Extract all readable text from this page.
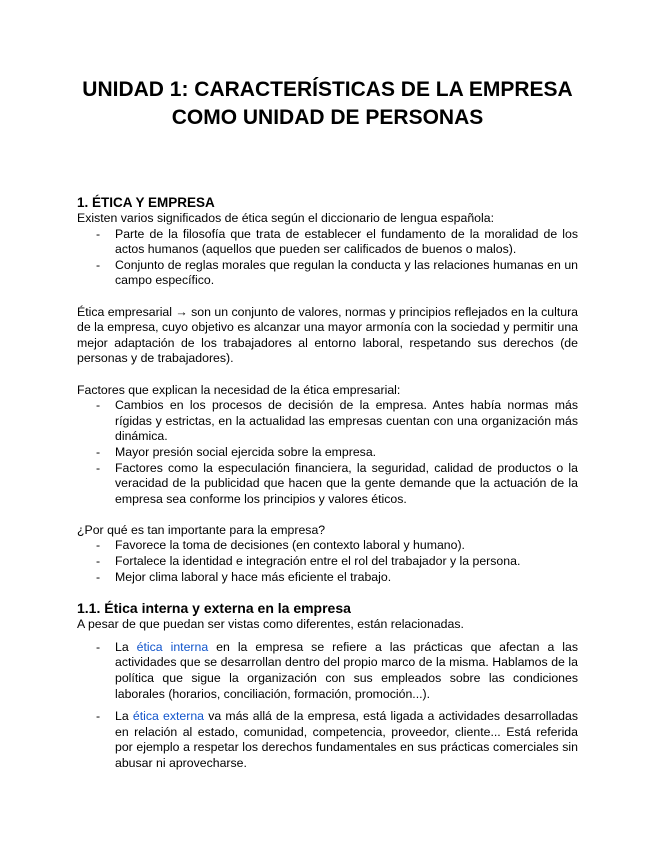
UNIDAD 1: CARACTERÍSTICAS DE LA EMPRESA
COMO UNIDAD DE PERSONAS
1. ÉTICA Y EMPRESA

Existen varios significados de ética según el diccionario de lengua española:

- Parte de la filosofía que trata de establecer el fundamento de la moralidad de los actos humanos (aquellos que pueden ser calificados de buenos o malos).
- Conjunto de reglas morales que regulan la conducta y las relaciones humanas en un campo específico.

Ética empresarial → son un conjunto de valores, normas y principios reflejados en la cultura de la empresa, cuyo objetivo es alcanzar una mayor armonía con la sociedad y permitir una mejor adaptación de los trabajadores al entorno laboral, respetando sus derechos (de personas y de trabajadores).

Factores que explican la necesidad de la ética empresarial:

- Cambios en los procesos de decisión de la empresa. Antes había normas más rígidas y estrictas, en la actualidad las empresas cuentan con una organización más dinámica.
- Mayor presión social ejercida sobre la empresa.
- Factores como la especulación financiera, la seguridad, calidad de productos o la veracidad de la publicidad que hacen que la gente demande que la actuación de la empresa sea conforme los principios y valores éticos.

¿Por qué es tan importante para la empresa?

- Favorece la toma de decisiones (en contexto laboral y humano).
- Fortalece la identidad e integración entre el rol del trabajador y la persona.
- Mejor clima laboral y hace más eficiente el trabajo.
1.1. Ética interna y externa en la empresa

A pesar de que puedan ser vistas como diferentes, están relacionadas.

- La ética interna en la empresa se refiere a las prácticas que afectan a las actividades que se desarrollan dentro del propio marco de la misma. Hablamos de la política que sigue la organización con sus empleados sobre las condiciones laborales (horarios, conciliación, formación, promoción...).
- La ética externa va más allá de la empresa, está ligada a actividades desarrolladas en relación al estado, comunidad, competencia, proveedor, cliente... Está referida por ejemplo a respetar los derechos fundamentales en sus prácticas comerciales sin abusar ni aprovecharse.
